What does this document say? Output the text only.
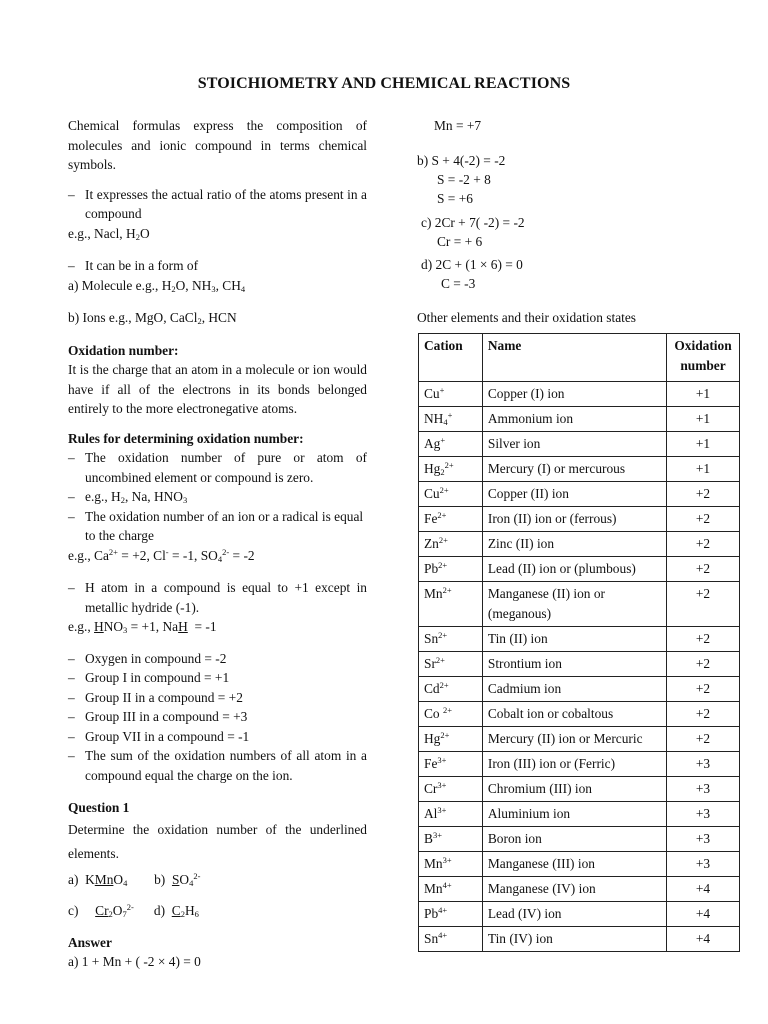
STOICHIOMETRY AND CHEMICAL REACTIONS

Chemical formulas express the composition of molecules and ionic compound in terms chemical symbols.

– It expresses the actual ratio of the atoms present in a compound

e.g., Nacl, $H_2O$

– It can be in a form of

a) Molecule e.g., $H_2O$, $NH_3$, $CH_4$

b) Ions e.g., MgO, CaCl$_2$, HCN

Oxidation number:

It is the charge that an atom in a molecule or ion would have if all of the electrons in its bonds belonged entirely to the more electronegative atoms.

Rules for determining oxidation number:

– The oxidation number of pure or atom of uncombined element or compound is zero.

– e.g., $H_2$, Na, $HNO_3$

– The oxidation number of an ion or a radical is equal to the charge

e.g., $Ca^{2+} = +2$, Cl- = -1, $SO_4^{2-} = -2$

– H atom in a compound is equal to +1 except in metallic hydride (-1).

e.g., $HNO_3 = +1$, NaH  = -1

– Oxygen in compound = -2

– Group I in compound = +1

– Group II in a compound = +2

– Group III in a compound = +3

– Group VII in a compound = -1

– The sum of the oxidation numbers of all atom in a compound equal the charge on the ion.

Question 1

Determine the oxidation number of the underlined elements.

a)  KMnO$_4$        b)  $SO_4^{2-}$

c)     $Cr_2O_7^{2-}$      d)  $C_2H_6$

Answer

a) 1 + Mn + ( -2 × 4) = 0

Mn = +7
b) S + 4(-2) = -2
S = -2 + 8
S = +6
c) 2Cr + 7( -2) = -2
Cr = + 6
d) 2C + (1 × 6) = 0
C = -3
Other elements and their oxidation states
Cation	Name	Oxidation number
Cu+	Copper (I) ion	+1
$NH_4^+$	Ammonium ion	+1
Ag+	Silver ion	+1
$Hg_2^{2+}$	Mercury (I) or mercurous	+1
$Cu^{2+}$	Copper (II) ion	+2
$Fe^{2+}$	Iron (II) ion or (ferrous)	+2
$Zn^{2+}$	Zinc (II) ion	+2
$Pb^{2+}$	Lead (II) ion or (plumbous)	+2
$Mn^{2+}$	Manganese (II) ion or (meganous)	+2
$Sn^{2+}$	Tin (II) ion	+2
$Sr^{2+}$	Strontium ion	+2
$Cd^{2+}$	Cadmium ion	+2
Co $^{2+}$	Cobalt ion or cobaltous	+2
$Hg^{2+}$	Mercury (II) ion or Mercuric	+2
$Fe^{3+}$	Iron (III) ion or (Ferric)	+3
$Cr^{3+}$	Chromium (III) ion	+3
$Al^{3+}$	Aluminium ion	+3
$B^{3+}$	Boron ion	+3
$Mn^{3+}$	Manganese (III) ion	+3
$Mn^{4+}$	Manganese (IV) ion	+4
$Pb^{4+}$	Lead (IV) ion	+4
$Sn^{4+}$	Tin (IV) ion	+4
